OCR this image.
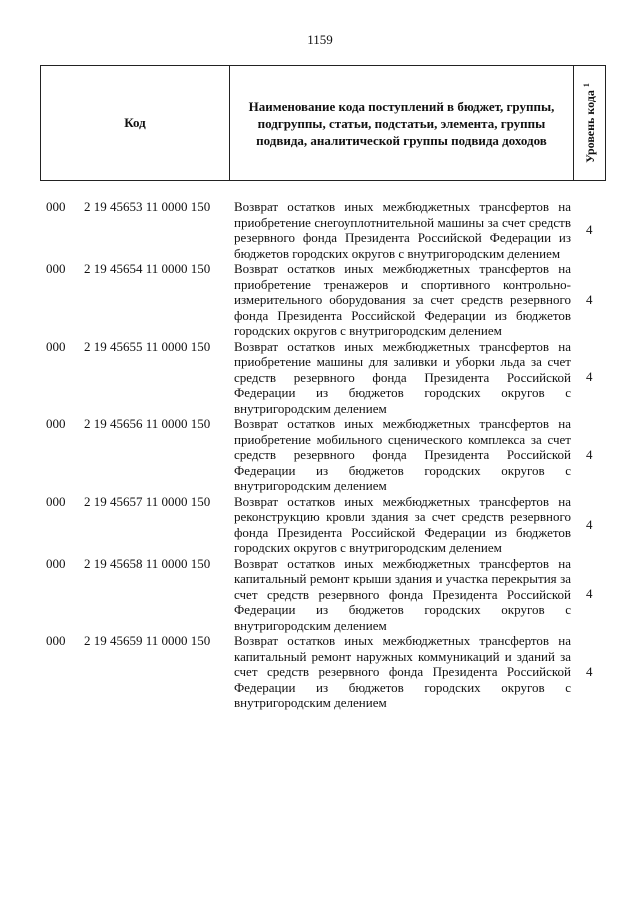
1159
Код
Наименование кода поступлений в бюджет, группы, подгруппы, статьи, подстатьи, элемента, группы подвида, аналитической группы подвида доходов	Уровень кода $^1$
000 2 19 45653 11 0000 150 Возврат остатков иных межбюджетных трансфертов на приобретение снегоуплотнительной машины за счет средств резервного фонда Президента Российской Федерации из бюджетов городских округов с внутригородским делением
4
000 2 19 45654 11 0000 150 Возврат остатков иных межбюджетных трансфертов на приобретение тренажеров и спортивного контрольно-измерительного оборудования за счет средств резервного фонда Президента Российской Федерации из бюджетов городских округов с внутригородским делением
4
000 2 19 45655 11 0000 150 Возврат остатков иных межбюджетных трансфертов на приобретение машины для заливки и уборки льда за счет средств резервного фонда Президента Российской Федерации из бюджетов городских округов с внутригородским делением
4
000 2 19 45656 11 0000 150 Возврат остатков иных межбюджетных трансфертов на приобретение мобильного сценического комплекса за счет средств резервного фонда Президента Российской Федерации из бюджетов городских округов с внутригородским делением
4
000 2 19 45657 11 0000 150 Возврат остатков иных межбюджетных трансфертов на реконструкцию кровли здания за счет средств резервного фонда Президента Российской Федерации из бюджетов городских округов с внутригородским делением
4
000 2 19 45658 11 0000 150 Возврат остатков иных межбюджетных трансфертов на капитальный ремонт крыши здания и участка перекрытия за счет средств резервного фонда Президента Российской Федерации из бюджетов городских округов с внутригородским делением
4
000 2 19 45659 11 0000 150 Возврат остатков иных межбюджетных трансфертов на капитальный ремонт наружных коммуникаций и зданий за счет средств резервного фонда Президента Российской Федерации из бюджетов городских округов с внутригородским делением
4
